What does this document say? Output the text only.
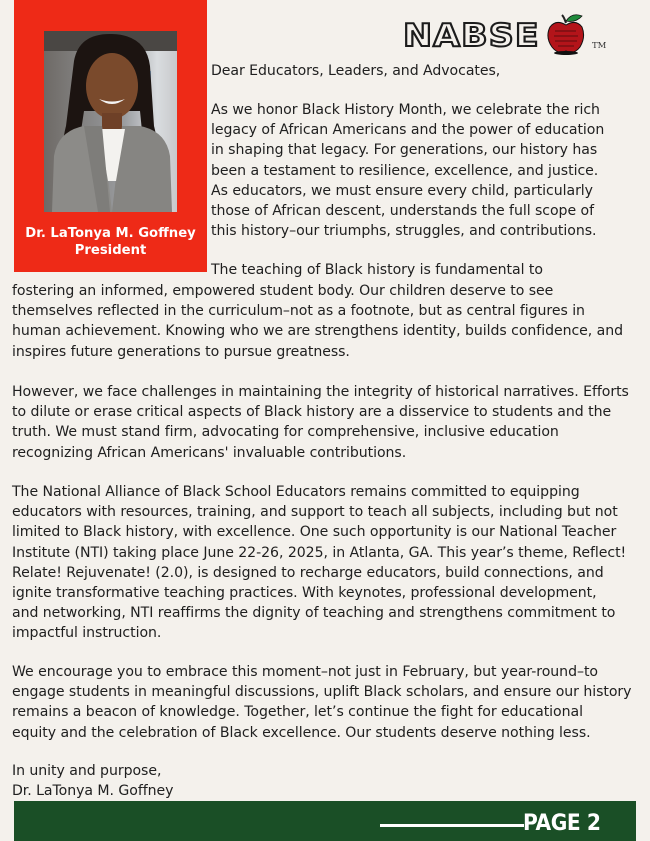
Dr. LaTonya M. Goffney
President
NABSE	TM
Dear Educators, Leaders, and Advocates,
As we honor Black History Month, we celebrate the rich
legacy of African Americans and the power of education
in shaping that legacy. For generations, our history has
been a testament to resilience, excellence, and justice.
As educators, we must ensure every child, particularly
those of African descent, understands the full scope of
this history–our triumphs, struggles, and contributions.
The teaching of Black history is fundamental to
fostering an informed, empowered student body. Our children deserve to see
themselves reflected in the curriculum–not as a footnote, but as central figures in
human achievement. Knowing who we are strengthens identity, builds confidence, and
inspires future generations to pursue greatness.
However, we face challenges in maintaining the integrity of historical narratives. Efforts
to dilute or erase critical aspects of Black history are a disservice to students and the
truth. We must stand firm, advocating for comprehensive, inclusive education
recognizing African Americans' invaluable contributions.
The National Alliance of Black School Educators remains committed to equipping
educators with resources, training, and support to teach all subjects, including but not
limited to Black history, with excellence. One such opportunity is our National Teacher
Institute (NTI) taking place June 22-26, 2025, in Atlanta, GA. This year’s theme, Reflect!
Relate! Rejuvenate! (2.0), is designed to recharge educators, build connections, and
ignite transformative teaching practices. With keynotes, professional development,
and networking, NTI reaffirms the dignity of teaching and strengthens commitment to
impactful instruction.
We encourage you to embrace this moment–not just in February, but year-round–to
engage students in meaningful discussions, uplift Black scholars, and ensure our history
remains a beacon of knowledge. Together, let’s continue the fight for educational
equity and the celebration of Black excellence. Our students deserve nothing less.
In unity and purpose,
Dr. LaTonya M. Goffney
PAGE 2
